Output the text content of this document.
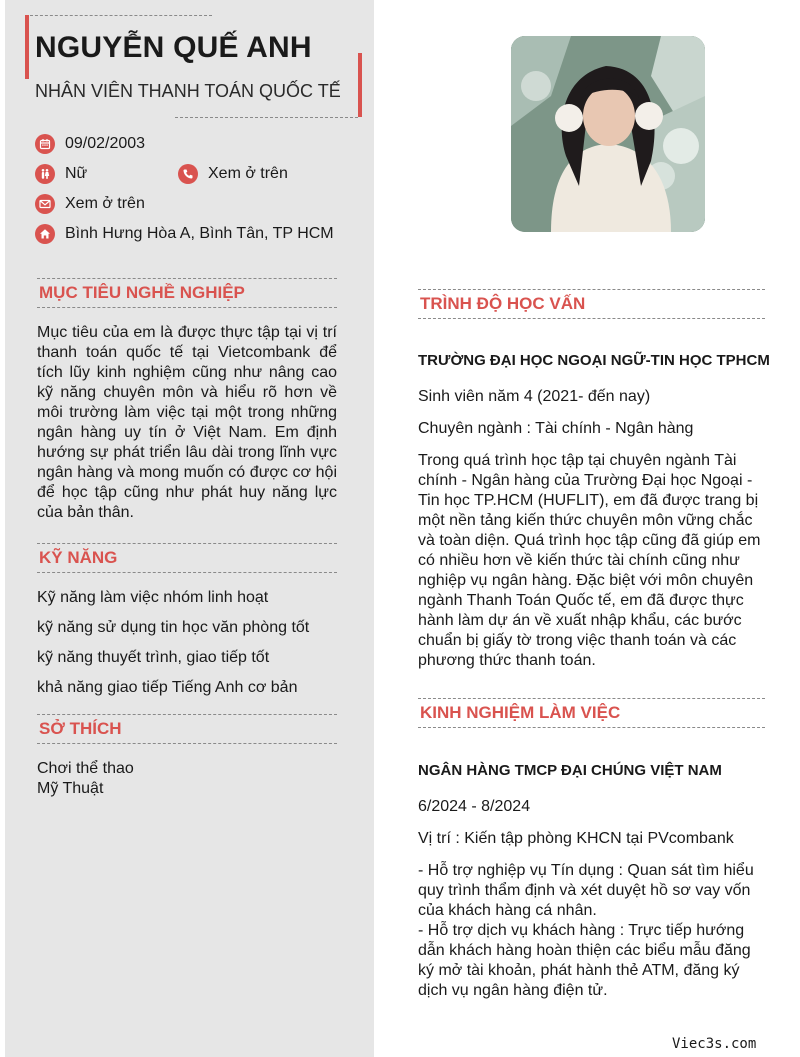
NGUYỄN QUẾ ANH
NHÂN VIÊN THANH TOÁN QUỐC TẾ
09/02/2003
Nữ	Xem ở trên
Xem ở trên
Bình Hưng Hòa A, Bình Tân, TP HCM
MỤC TIÊU NGHỀ NGHIỆP
Mục tiêu của em là được thực tập tại vị trí thanh toán quốc tế tại Vietcombank để tích lũy kinh nghiệm cũng như nâng cao kỹ năng chuyên môn và hiểu rõ hơn về môi trường làm việc tại một trong những ngân hàng uy tín ở Việt Nam. Em định hướng sự phát triển lâu dài trong lĩnh vực ngân hàng và mong muốn có được cơ hội để học tập cũng như phát huy năng lực của bản thân.
KỸ NĂNG
Kỹ năng làm việc nhóm linh hoạt
kỹ năng sử dụng tin học văn phòng tốt
kỹ năng thuyết trình, giao tiếp tốt
khả năng giao tiếp Tiếng Anh cơ bản
SỞ THÍCH
Chơi thể thao
Mỹ Thuật
TRÌNH ĐỘ HỌC VẤN
TRƯỜNG ĐẠI HỌC NGOẠI NGỮ-TIN HỌC TPHCM
Sinh viên năm 4 (2021- đến nay)
Chuyên ngành : Tài chính - Ngân hàng
Trong quá trình học tập tại chuyên ngành Tài chính - Ngân hàng của Trường Đại học Ngoại - Tin học TP.HCM (HUFLIT), em đã được trang bị một nền tảng kiến thức chuyên môn vững chắc và toàn diện. Quá trình học tập cũng đã giúp em có nhiều hơn về kiến thức tài chính cũng như nghiệp vụ ngân hàng. Đặc biệt với môn chuyên ngành Thanh Toán Quốc tế, em đã được thực hành làm dự án về xuất nhập khẩu, các bước chuẩn bị giấy tờ trong việc thanh toán và các phương thức thanh toán.
KINH NGHIỆM LÀM VIỆC
NGÂN HÀNG TMCP ĐẠI CHÚNG VIỆT NAM
6/2024 - 8/2024
Vị trí : Kiến tập phòng KHCN tại PVcombank
- Hỗ trợ nghiệp vụ Tín dụng : Quan sát tìm hiểu quy trình thẩm định và xét duyệt hồ sơ vay vốn của khách hàng cá nhân.
- Hỗ trợ dịch vụ khách hàng : Trực tiếp hướng dẫn khách hàng hoàn thiện các biểu mẫu đăng ký mở tài khoản, phát hành thẻ ATM, đăng ký dịch vụ ngân hàng điện tử.
Viec3s.com
